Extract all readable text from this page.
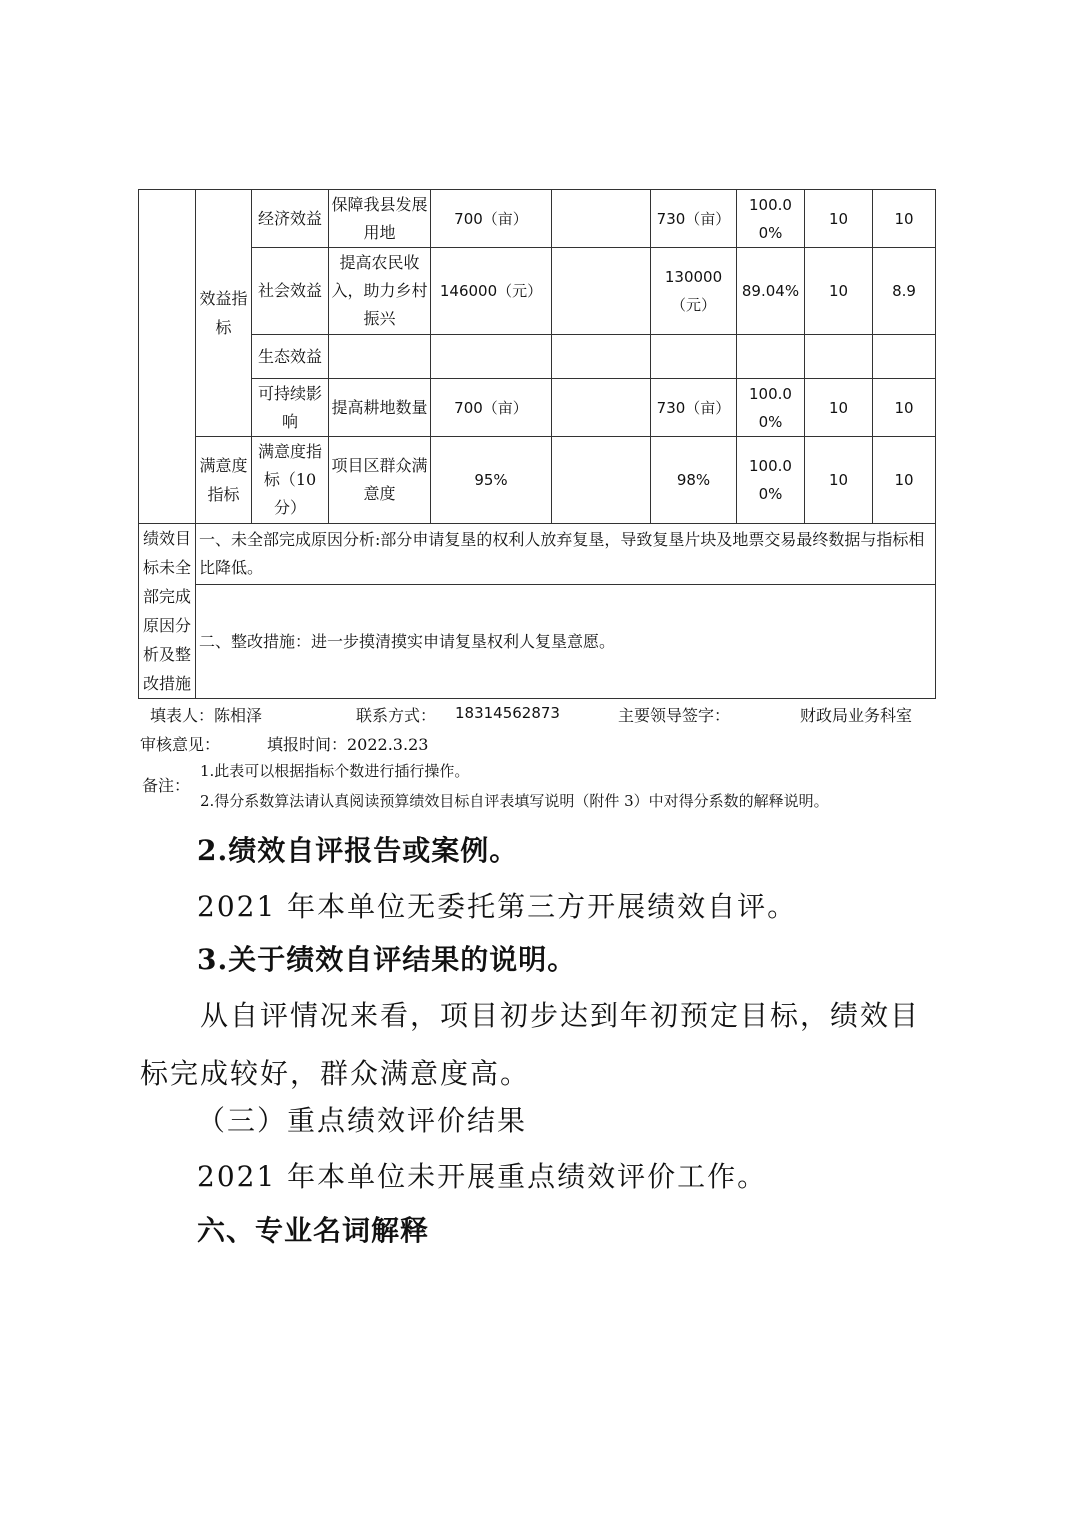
	效益指标	经济效益	保障我县发展用地	700（亩）		730（亩）	100.00%	10	10
		社会效益	提高农民收入，助力乡村振兴	146000（元）		130000（元）	89.04%	10	8.9
		生态效益							
		可持续影响	提高耕地数量	700（亩）		730（亩）	100.00%	10	10
	满意度指标	满意度指标（10分）	项目区群众满意度	95%		98%	100.00%	10	10
绩效目标未全部完成原因分析及整改措施	一、未全部完成原因分析:部分申请复垦的权利人放弃复垦，导致复垦片块及地票交易最终数据与指标相比降低。								
	二、整改措施：进一步摸清摸实申请复垦权利人复垦意愿。								
填表人：陈相泽	联系方式： 18314562873	主要领导签字：	财政局业务科室
审核意见：	填报时间：2022.3.23
备注：
1.此表可以根据指标个数进行插行操作。
2.得分系数算法请认真阅读预算绩效目标自评表填写说明（附件 3）中对得分系数的解释说明。
2.绩效自评报告或案例。
2021 年本单位无委托第三方开展绩效自评。
3.关于绩效自评结果的说明。
从自评情况来看，项目初步达到年初预定目标，绩效目标完成较好，群众满意度高。
（三）重点绩效评价结果
2021 年本单位未开展重点绩效评价工作。
六、专业名词解释
